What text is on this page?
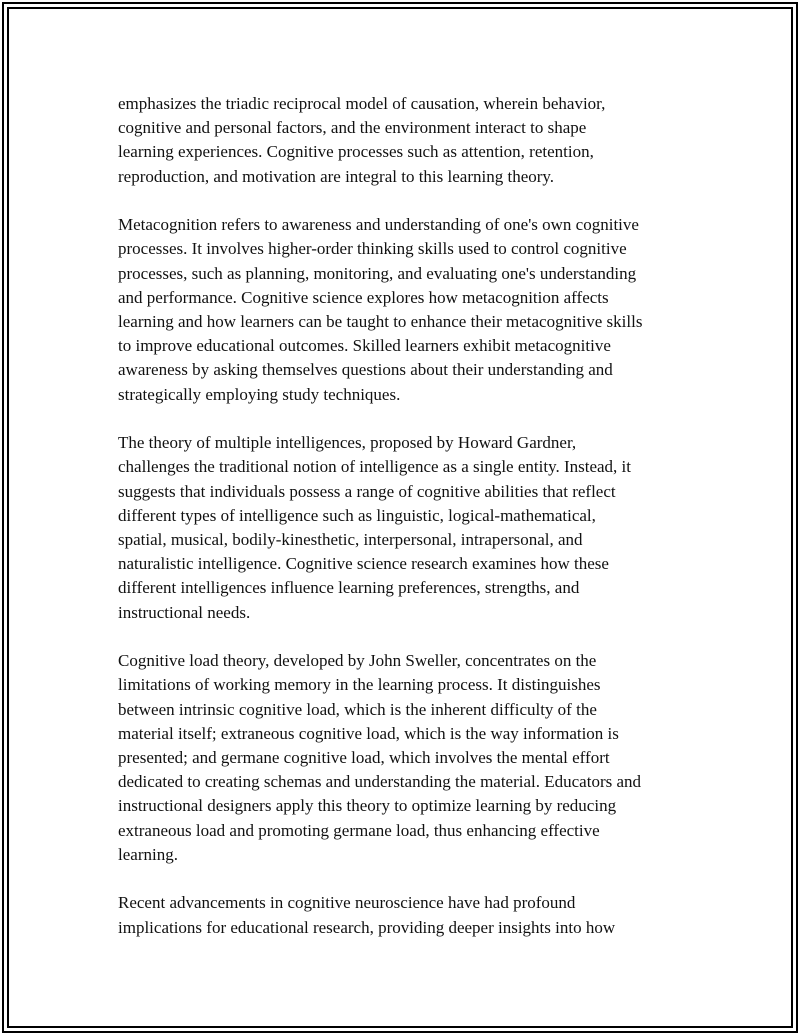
emphasizes the triadic reciprocal model of causation, wherein behavior,
cognitive and personal factors, and the environment interact to shape
learning experiences. Cognitive processes such as attention, retention,
reproduction, and motivation are integral to this learning theory.

Metacognition refers to awareness and understanding of one's own cognitive
processes. It involves higher-order thinking skills used to control cognitive
processes, such as planning, monitoring, and evaluating one's understanding
and performance. Cognitive science explores how metacognition affects
learning and how learners can be taught to enhance their metacognitive skills
to improve educational outcomes. Skilled learners exhibit metacognitive
awareness by asking themselves questions about their understanding and
strategically employing study techniques.

The theory of multiple intelligences, proposed by Howard Gardner,
challenges the traditional notion of intelligence as a single entity. Instead, it
suggests that individuals possess a range of cognitive abilities that reflect
different types of intelligence such as linguistic, logical-mathematical,
spatial, musical, bodily-kinesthetic, interpersonal, intrapersonal, and
naturalistic intelligence. Cognitive science research examines how these
different intelligences influence learning preferences, strengths, and
instructional needs.

Cognitive load theory, developed by John Sweller, concentrates on the
limitations of working memory in the learning process. It distinguishes
between intrinsic cognitive load, which is the inherent difficulty of the
material itself; extraneous cognitive load, which is the way information is
presented; and germane cognitive load, which involves the mental effort
dedicated to creating schemas and understanding the material. Educators and
instructional designers apply this theory to optimize learning by reducing
extraneous load and promoting germane load, thus enhancing effective
learning.

Recent advancements in cognitive neuroscience have had profound
implications for educational research, providing deeper insights into how
